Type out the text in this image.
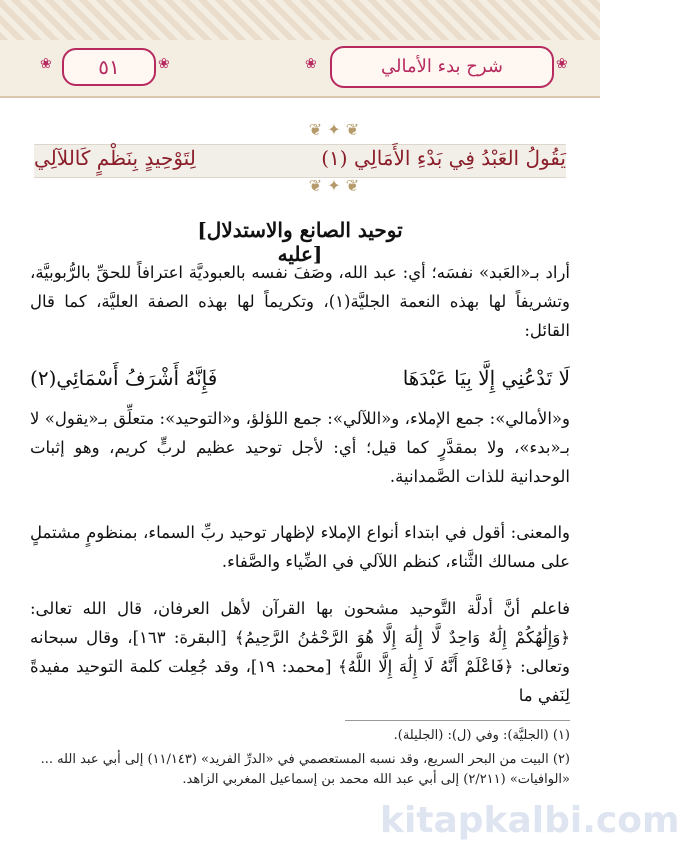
❀	❀
٥١	❀	شرح بدء الأمالي	❀
❦ ✦ ❦
(١) يَقُولُ العَبْدُ فِي بَدْءِ الأَمَالِي
لِتَوْحِيدٍ بِنَظْمٍ كَاللآلِي
❦ ✦ ❦
[توحيد الصانع والاستدلال عليه]
أراد بـ«العَبد» نفسَه؛ أي: عبد الله، وصَفَ نفسه بالعبوديَّة اعترافاً للحقِّ بالرُّبوبيَّة، وتشريفاً لها بهذه النعمة الجليَّة(١)، وتكريماً لها بهذه الصفة العليَّة، كما قال القائل:
لَا تَدْعُنِي إِلَّا بِيَا عَبْدَهَا
فَإِنَّهُ أَشْرَفُ أَسْمَائِي(٢)
و«الأمالي»: جمع الإملاء، و«اللآلي»: جمع اللؤلؤ، و«التوحيد»: متعلِّق بـ«يقول» لا بـ«بدء»، ولا بمقدَّرٍ كما قيل؛ أي: لأجل توحيد عظيم لربٍّ كريم، وهو إثبات الوحدانية للذات الصَّمدانية.
والمعنى: أقول في ابتداء أنواع الإملاء لإظهار توحيد ربِّ السماء، بمنظومٍ مشتملٍ على مسالك الثَّناء، كنظم اللآلي في الضِّياء والصَّفاء.
فاعلم أنَّ أدلَّة التَّوحيد مشحون بها القرآن لأهل العرفان، قال الله تعالى: ﴿وَإِلَٰهُكُمْ إِلَٰهٌ وَاحِدٌ لَّا إِلَٰهَ إِلَّا هُوَ الرَّحْمَٰنُ الرَّحِيمُ﴾ [البقرة: ١٦٣]، وقال سبحانه وتعالى: ﴿فَاعْلَمْ أَنَّهُ لَا إِلَٰهَ إِلَّا اللَّهُ﴾ [محمد: ١٩]، وقد جُعِلت كلمة التوحيد مفيدةً لِنَفي ما
(١) (الجليَّة): وفي (ل): (الجليلة).
(٢) البيت من البحر السريع، وقد نسبه المستعصمي في «الدرِّ الفريد» (١١/١٤٣) إلى أبي عبد الله ... «الوافيات» (٢/٢١١) إلى أبي عبد الله محمد بن إسماعيل المغربي الزاهد.
kitapkalbi.com
